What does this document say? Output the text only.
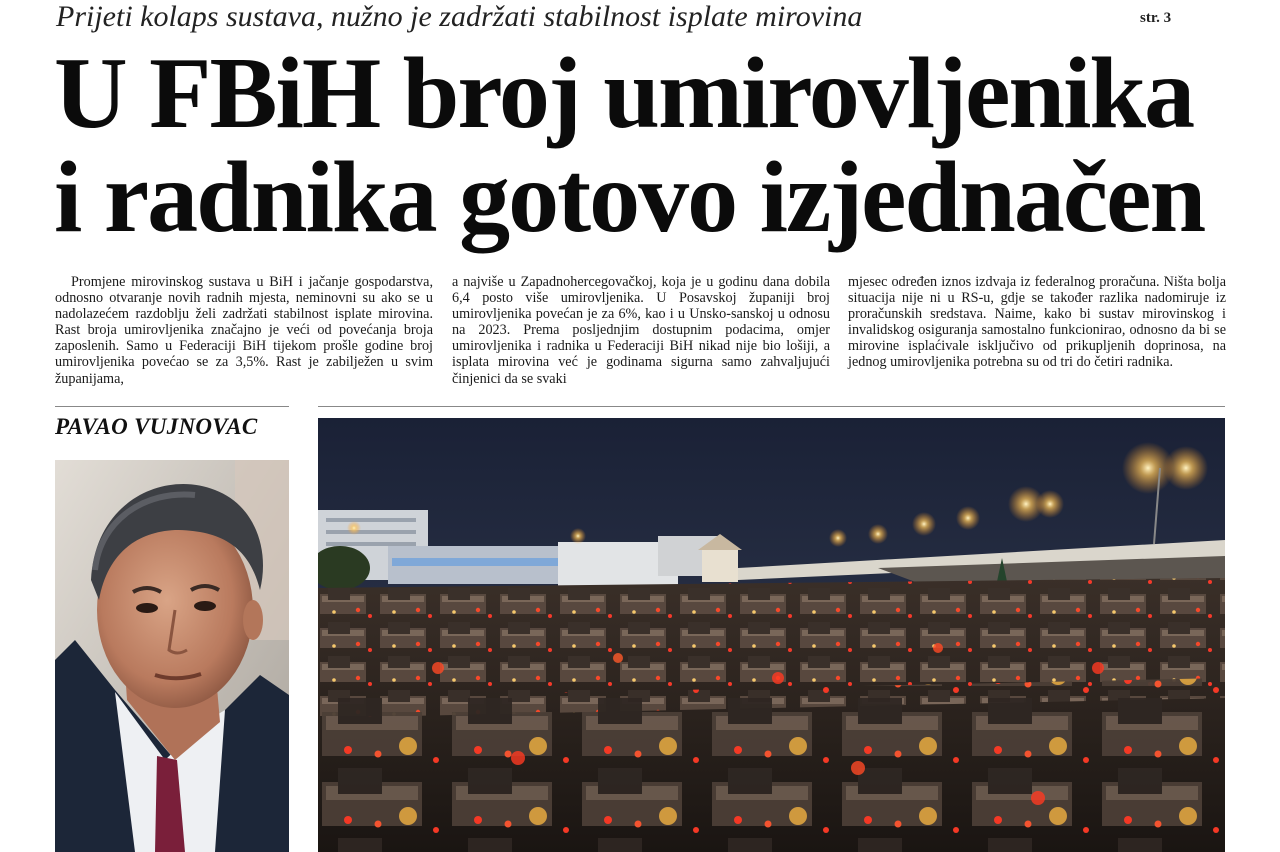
Prijeti kolaps sustava, nužno je zadržati stabilnost isplate mirovina	str. 3
U FBiH broj umirovljenika
i radnika gotovo izjednačen

Promjene mirovinskog sustava u BiH i jačanje gospodarstva, odnosno otvaranje novih radnih mjesta, neminovni su ako se u nadolazećem razdoblju želi zadržati stabilnost isplate mirovina. Rast broja umirovljenika značajno je veći od povećanja broja zaposlenih. Samo u Federaciji BiH tijekom prošle godine broj umirovljenika povećao se za 3,5%. Rast je zabilježen u svim županijama,

a najviše u Zapadnohercegovačkoj, koja je u godinu dana dobila 6,4 posto više umirovljenika. U Posavskoj županiji broj umirovljenika povećan je za 6%, kao i u Unsko-sanskoj u odnosu na 2023. Prema posljednjim dostupnim podacima, omjer umirovljenika i radnika u Federaciji BiH nikad nije bio lošiji, a isplata mirovina već je godinama sigurna samo zahvaljujući činjenici da se svaki

mjesec određen iznos izdvaja iz federalnog proračuna. Ništa bolja situacija nije ni u RS-u, gdje se također razlika nadomiruje iz proračunskih sredstava. Naime, kako bi sustav mirovinskog i invalidskog osiguranja samostalno funkcionirao, odnosno da bi se mirovine isplaćivale isključivo od prikupljenih doprinosa, na jednog umirovljenika potrebna su od tri do četiri radnika.

PAVAO VUJNOVAC
